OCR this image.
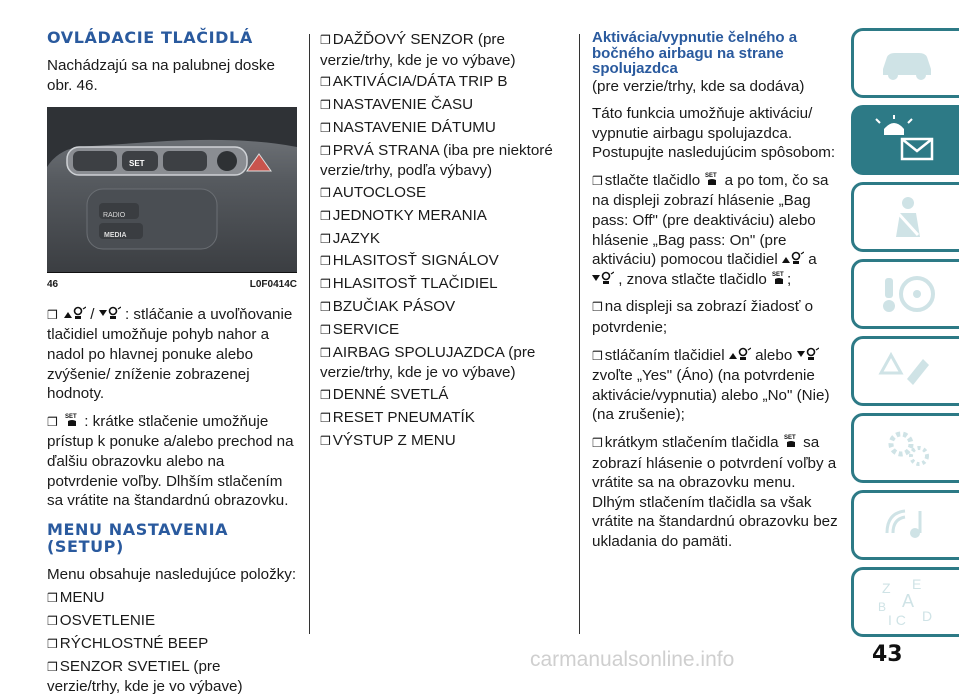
OVLÁDACIE TLAČIDLÁ

Nachádzajú sa na palubnej doske obr. 46.

SET
RADIO
MEDIA
46	L0F0414C

❒ / : stláčanie a uvoľňovanie tlačidiel umožňuje pohyb nahor a nadol po hlavnej ponuke alebo zvýšenie/ zníženie zobrazenej hodnoty.

❒ SET : krátke stlačenie umožňuje prístup k ponuke a/alebo prechod na ďalšiu obrazovku alebo na potvrdenie voľby. Dlhším stlačením sa vrátite na štandardnú obrazovku.

MENU NASTAVENIA (SETUP)

Menu obsahuje nasledujúce položky:

❒ MENU
❒ OSVETLENIE
❒ RÝCHLOSTNÉ BEEP
❒ SENZOR SVETIEL (pre verzie/trhy, kde je vo výbave)
❒ DAŽĎOVÝ SENZOR (pre verzie/trhy, kde je vo výbave)
❒ AKTIVÁCIA/DÁTA TRIP B
❒ NASTAVENIE ČASU
❒ NASTAVENIE DÁTUMU
❒ PRVÁ STRANA (iba pre niektoré verzie/trhy, podľa výbavy)
❒ AUTOCLOSE
❒ JEDNOTKY MERANIA
❒ JAZYK
❒ HLASITOSŤ SIGNÁLOV
❒ HLASITOSŤ TLAČIDIEL
❒ BZUČIAK PÁSOV
❒ SERVICE
❒ AIRBAG SPOLUJAZDCA (pre verzie/trhy, kde je vo výbave)
❒ DENNÉ SVETLÁ
❒ RESET PNEUMATÍK
❒ VÝSTUP Z MENU
Aktivácia/vypnutie čelného a bočného airbagu na strane spolujazdca

(pre verzie/trhy, kde sa dodáva)

Táto funkcia umožňuje aktiváciu/ vypnutie airbagu spolujazdca. Postupujte nasledujúcim spôsobom:

❒ stlačte tlačidlo SET a po tom, čo sa na displeji zobrazí hlásenie „Bag pass: Off" (pre deaktiváciu) alebo hlásenie „Bag pass: On" (pre aktiváciu) pomocou tlačidiel a  , znova stlačte tlačidlo SET ;

❒ na displeji sa zobrazí žiadosť o potvrdenie;

❒ stláčaním tlačidiel alebo  zvoľte „Yes" (Áno) (na potvrdenie aktivácie/vypnutia) alebo „No" (Nie) (na zrušenie);

❒ krátkym stlačením tlačidla SET sa zobrazí hlásenie o potvrdení voľby a vrátite sa na obrazovku menu. Dlhým stlačením tlačidla sa však vrátite na štandardnú obrazovku bez ukladania do pamäti.

Z E
A
B
I C D
43
carmanualsonline.info
